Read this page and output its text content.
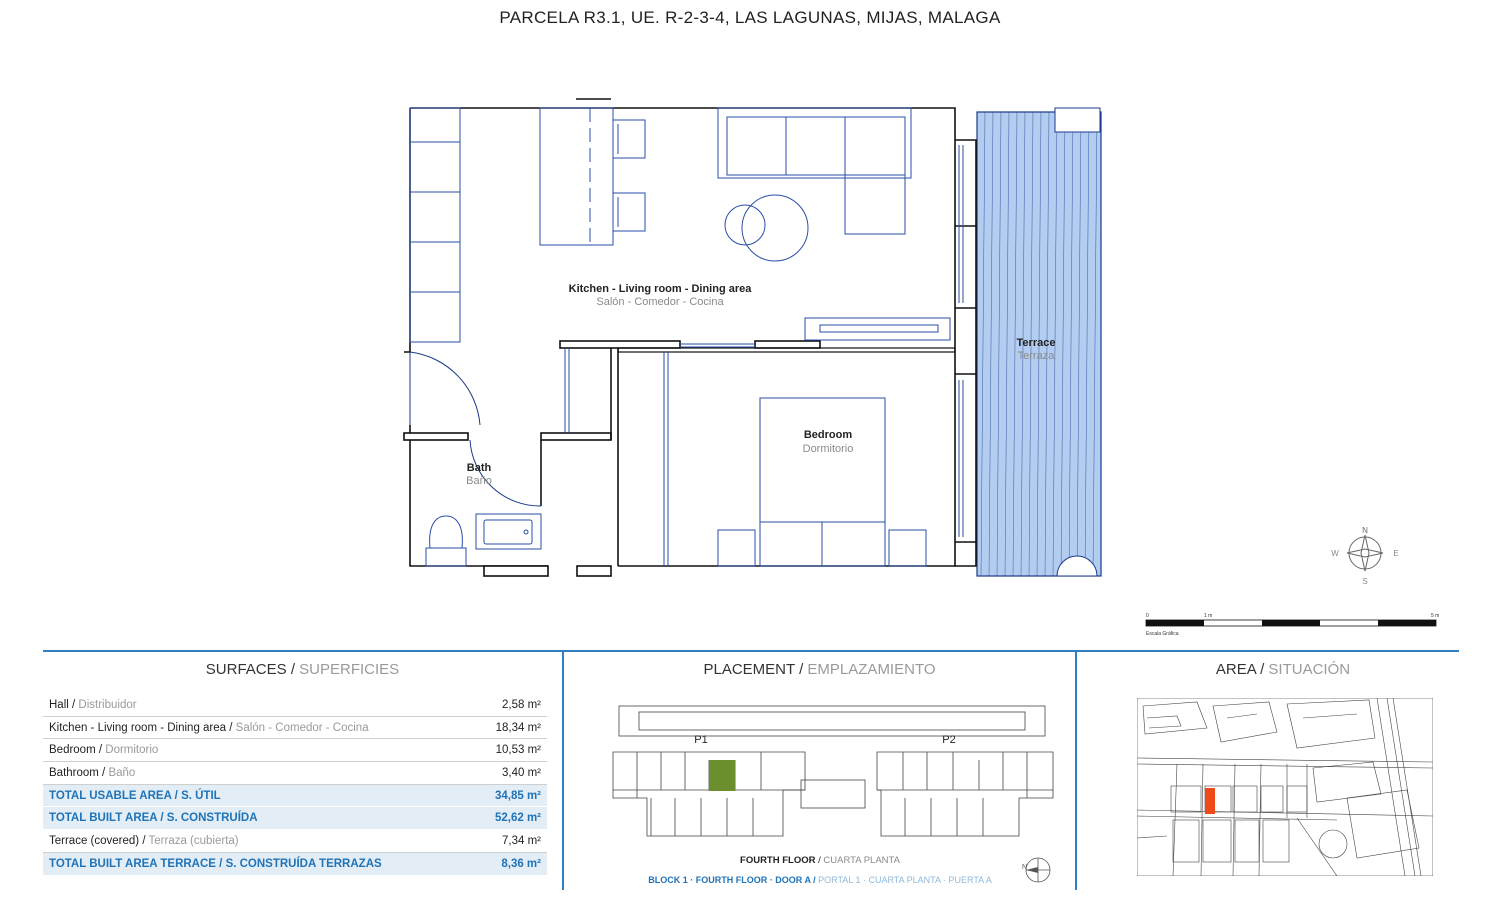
PARCELA R3.1, UE. R-2-3-4, LAS LAGUNAS, MIJAS, MALAGA
Kitchen - Living room - Dining area
Salón - Comedor - Cocina
Bedroom
Dormitorio
Bath
Baño
Terrace
Terraza
N
S
E
W
0	1 m	5 m
Escala Gráfica
SURFACES / SUPERFICIES	PLACEMENT / EMPLAZAMIENTO	AREA / SITUACIÓN
Hall / Distribuidor	2,58 m²
Kitchen - Living room - Dining area / Salón - Comedor - Cocina	18,34 m²
Bedroom / Dormitorio	10,53 m²
Bathroom / Baño	3,40 m²
TOTAL USABLE AREA / S. ÚTIL	34,85 m²
TOTAL BUILT AREA / S. CONSTRUÍDA	52,62 m²
Terrace (covered) / Terraza (cubierta)	7,34 m²
TOTAL BUILT AREA TERRACE / S. CONSTRUÍDA TERRAZAS	8,36 m²
P1	P2
N
FOURTH FLOOR / CUARTA PLANTA
BLOCK 1 · FOURTH FLOOR · DOOR A / PORTAL 1 · CUARTA PLANTA · PUERTA A
